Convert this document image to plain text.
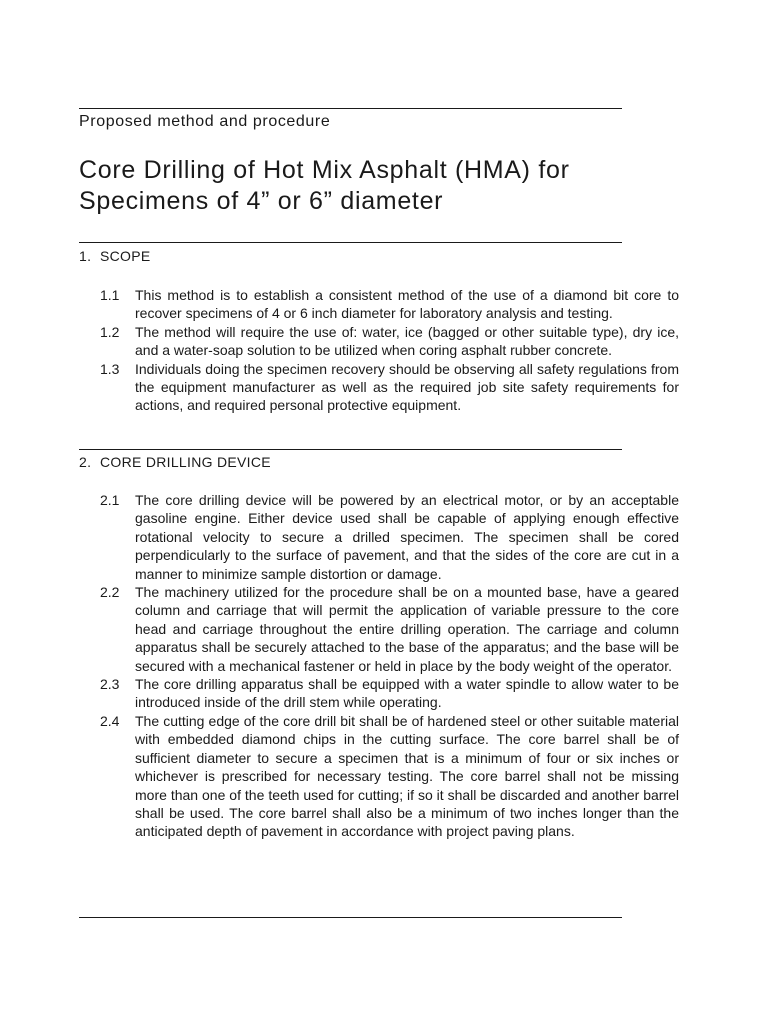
Proposed method and procedure
Core Drilling of Hot Mix Asphalt (HMA) for
Specimens of 4” or 6” diameter
1. SCOPE
1.1	This method is to establish a consistent method of the use of a diamond bit core to recover specimens of 4 or 6 inch diameter for laboratory analysis and testing.
1.2	The method will require the use of: water, ice (bagged or other suitable type), dry ice, and a water-soap solution to be utilized when coring asphalt rubber concrete.
1.3	Individuals doing the specimen recovery should be observing all safety regulations from the equipment manufacturer as well as the required job site safety requirements for actions, and required personal protective equipment.
2. CORE DRILLING DEVICE
2.1	The core drilling device will be powered by an electrical motor, or by an acceptable gasoline engine. Either device used shall be capable of applying enough effective rotational velocity to secure a drilled specimen. The specimen shall be cored perpendicularly to the surface of pavement, and that the sides of the core are cut in a manner to minimize sample distortion or damage.
2.2	The machinery utilized for the procedure shall be on a mounted base, have a geared column and carriage that will permit the application of variable pressure to the core head and carriage throughout the entire drilling operation. The carriage and column apparatus shall be securely attached to the base of the apparatus; and the base will be secured with a mechanical fastener or held in place by the body weight of the operator.
2.3	The core drilling apparatus shall be equipped with a water spindle to allow water to be introduced inside of the drill stem while operating.
2.4	The cutting edge of the core drill bit shall be of hardened steel or other suitable material with embedded diamond chips in the cutting surface. The core barrel shall be of sufficient diameter to secure a specimen that is a minimum of four or six inches or whichever is prescribed for necessary testing. The core barrel shall not be missing more than one of the teeth used for cutting; if so it shall be discarded and another barrel shall be used. The core barrel shall also be a minimum of two inches longer than the anticipated depth of pavement in accordance with project paving plans.
